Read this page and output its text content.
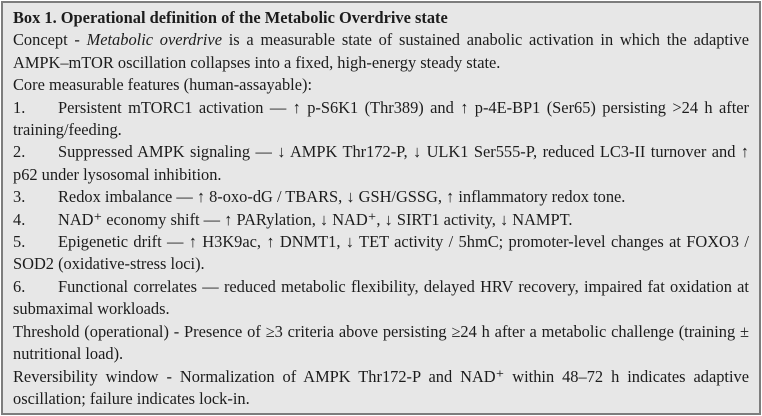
Box 1. Operational definition of the Metabolic Overdrive state

Concept - Metabolic overdrive is a measurable state of sustained anabolic activation in which the adaptive AMPK–mTOR oscillation collapses into a fixed, high-energy steady state.

Core measurable features (human-assayable):

1. Persistent mTORC1 activation — ↑ p-S6K1 (Thr389) and ↑ p-4E-BP1 (Ser65) persisting >24 h after training/feeding.

2. Suppressed AMPK signaling — ↓ AMPK Thr172-P, ↓ ULK1 Ser555-P, reduced LC3-II turnover and ↑ p62 under lysosomal inhibition.

3. Redox imbalance — ↑ 8-oxo-dG / TBARS, ↓ GSH/GSSG, ↑ inflammatory redox tone.

4. NAD⁺ economy shift — ↑ PARylation, ↓ NAD⁺, ↓ SIRT1 activity, ↓ NAMPT.

5. Epigenetic drift — ↑ H3K9ac, ↑ DNMT1, ↓ TET activity / 5hmC; promoter-level changes at FOXO3 / SOD2 (oxidative-stress loci).

6. Functional correlates — reduced metabolic flexibility, delayed HRV recovery, impaired fat oxidation at submaximal workloads.

Threshold (operational) - Presence of ≥3 criteria above persisting ≥24 h after a metabolic challenge (training ± nutritional load).

Reversibility window - Normalization of AMPK Thr172-P and NAD⁺ within 48–72 h indicates adaptive oscillation; failure indicates lock-in.
